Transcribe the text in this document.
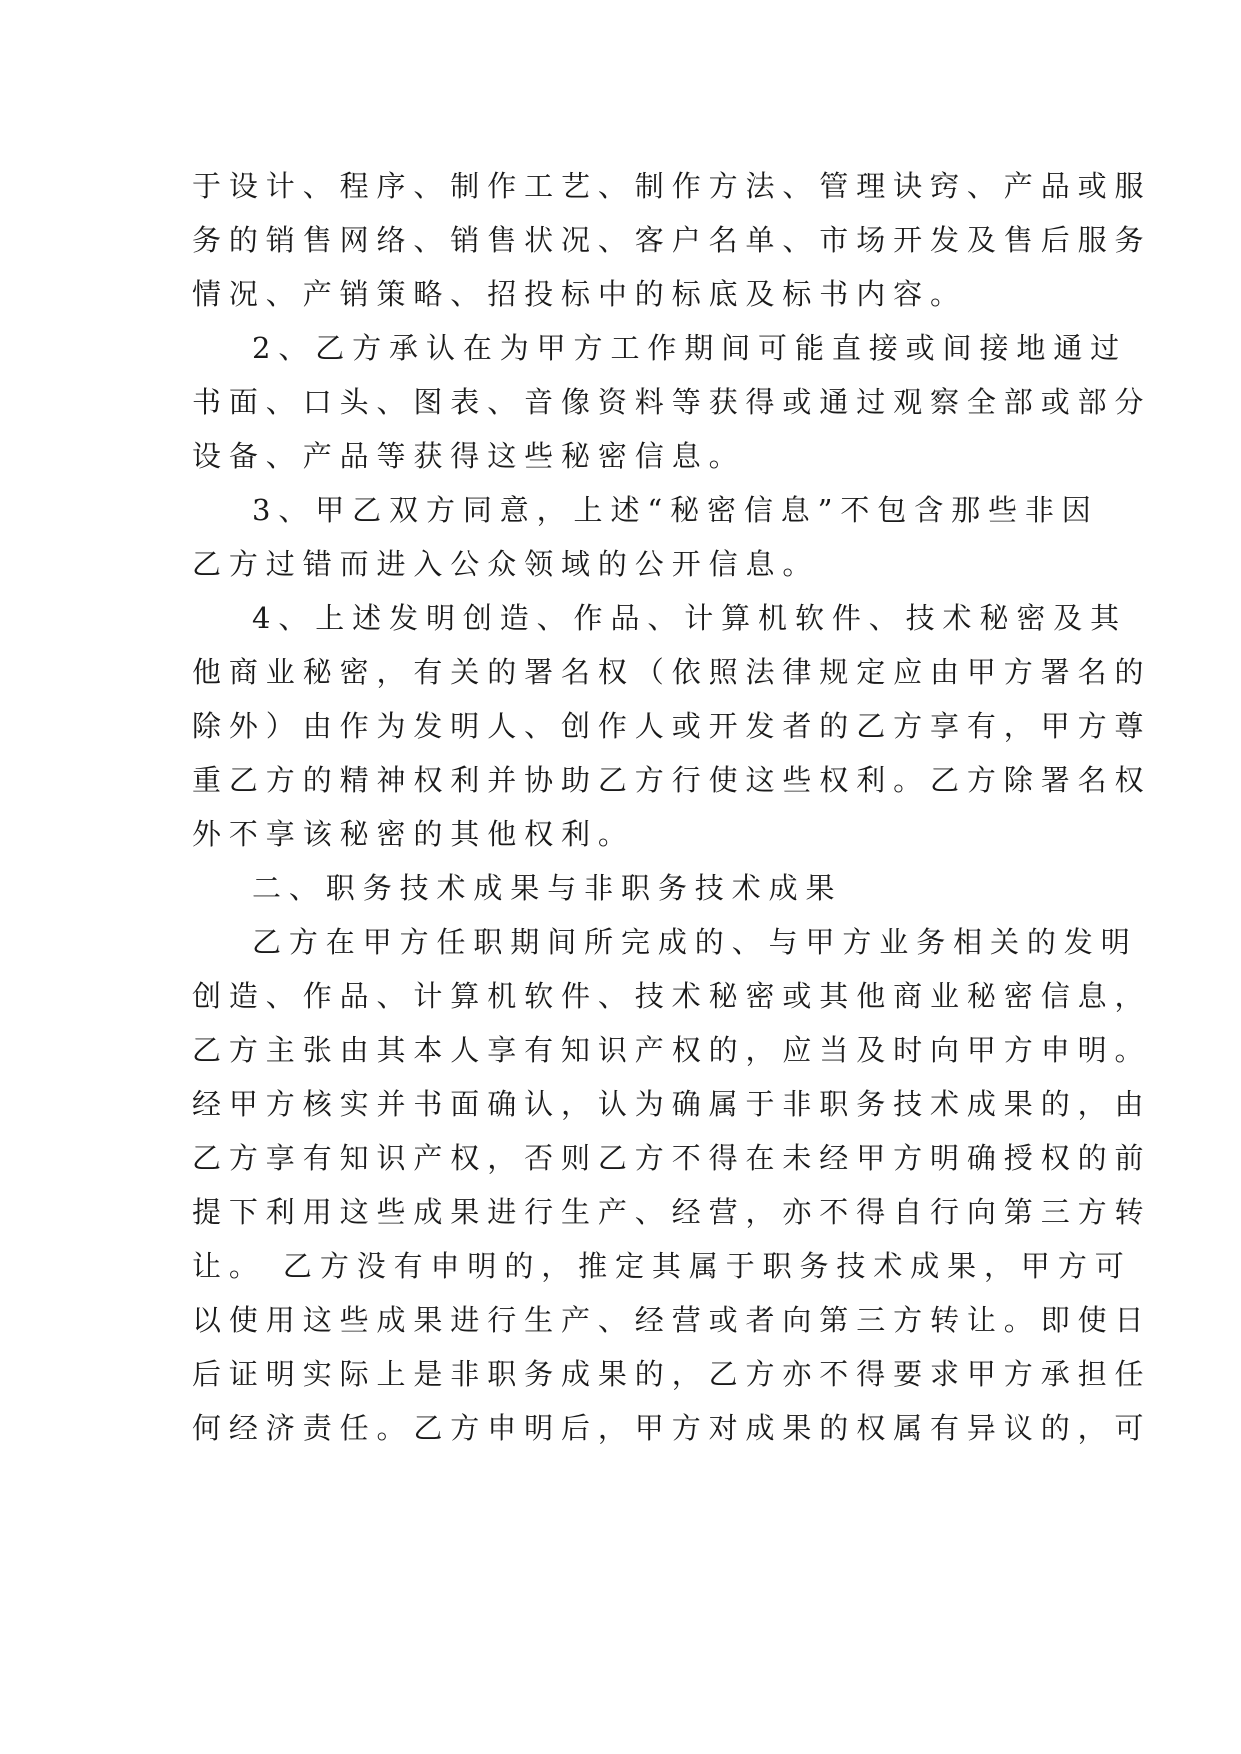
于设计、程序、制作工艺、制作方法、管理诀窍、产品或服
务的销售网络、销售状况、客户名单、市场开发及售后服务
情况、产销策略、招投标中的标底及标书内容。
2、乙方承认在为甲方工作期间可能直接或间接地通过
书面、口头、图表、音像资料等获得或通过观察全部或部分
设备、产品等获得这些秘密信息。
3、甲乙双方同意，上述“秘密信息”不包含那些非因
乙方过错而进入公众领域的公开信息。
4、上述发明创造、作品、计算机软件、技术秘密及其
他商业秘密，有关的署名权（依照法律规定应由甲方署名的
除外）由作为发明人、创作人或开发者的乙方享有，甲方尊
重乙方的精神权利并协助乙方行使这些权利。乙方除署名权
外不享该秘密的其他权利。
二、职务技术成果与非职务技术成果
乙方在甲方任职期间所完成的、与甲方业务相关的发明
创造、作品、计算机软件、技术秘密或其他商业秘密信息，
乙方主张由其本人享有知识产权的，应当及时向甲方申明。
经甲方核实并书面确认，认为确属于非职务技术成果的，由
乙方享有知识产权，否则乙方不得在未经甲方明确授权的前
提下利用这些成果进行生产、经营，亦不得自行向第三方转
让。 乙方没有申明的，推定其属于职务技术成果，甲方可
以使用这些成果进行生产、经营或者向第三方转让。即使日
后证明实际上是非职务成果的，乙方亦不得要求甲方承担任
何经济责任。乙方申明后，甲方对成果的权属有异议的，可
